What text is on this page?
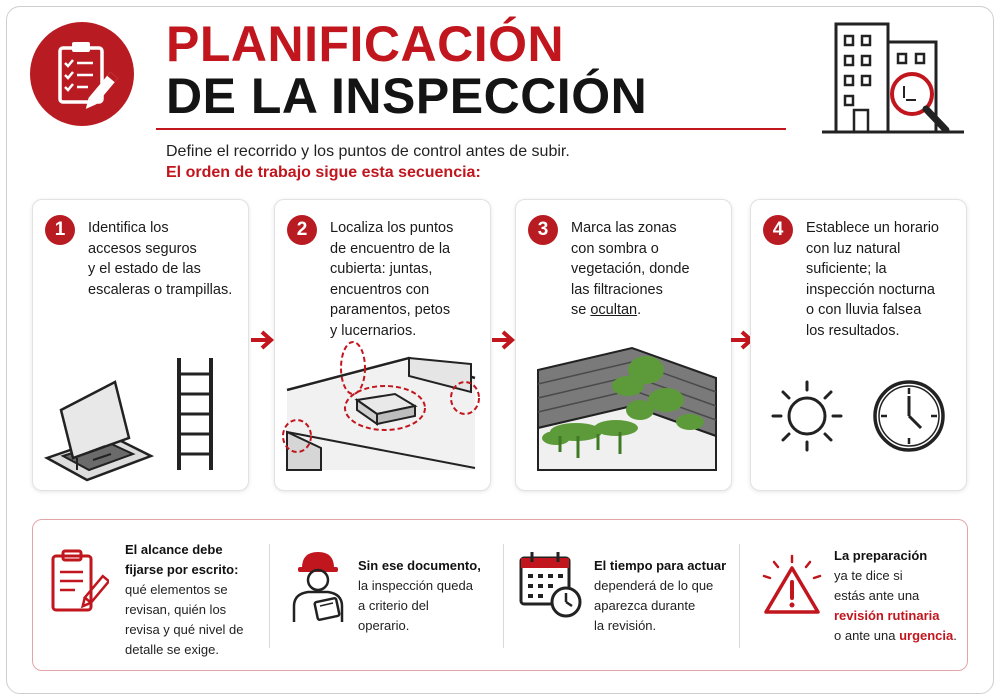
PLANIFICACIÓN
DE LA INSPECCIÓN
Define el recorrido y los puntos de control antes de subir.
El orden de trabajo sigue esta secuencia:
1	Identifica los
accesos seguros
y el estado de las
escaleras o trampillas.
2	Localiza los puntos
de encuentro de la
cubierta: juntas,
encuentros con
paramentos, petos
y lucernarios.
3	Marca las zonas
con sombra o
vegetación, donde
las filtraciones
se ocultan.
4	Establece un horario
con luz natural
suficiente; la
inspección nocturna
o con lluvia falsea
los resultados.
El alcance debe
fijarse por escrito:
qué elementos se
revisan, quién los
revisa y qué nivel de
detalle se exige.
Sin ese documento,
la inspección queda
a criterio del
operario.
El tiempo para actuar
dependerá de lo que
aparezca durante
la revisión.
La preparación
ya te dice si
estás ante una
revisión rutinaria
o ante una urgencia.
